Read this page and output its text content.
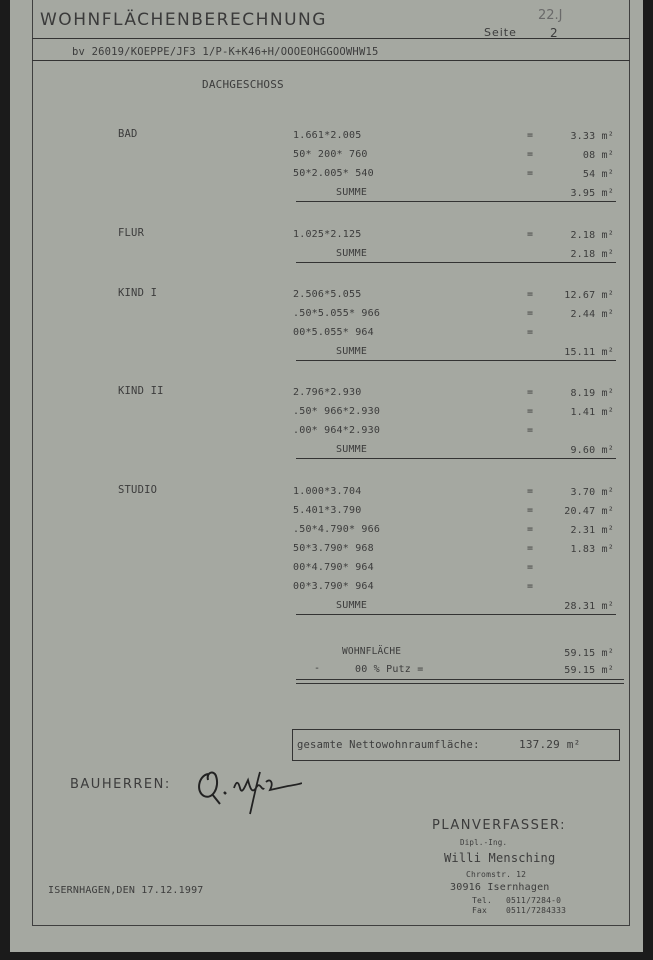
WOHNFLÄCHENBERECHNUNG
Seite	2
22.J
bv 26019/KOEPPE/JF3 1/P-K+K46+H/OOOEOHGGOOWHW15
DACHGESCHOSS
BAD	1.661*2.005	=	3.33 m²
50* 200* 760	=	08 m²
50*2.005* 540	=	54 m²
SUMME	3.95 m²
FLUR	1.025*2.125	=	2.18 m²
SUMME	2.18 m²
KIND I	2.506*5.055	=	12.67 m²
.50*5.055* 966	=	2.44 m²
00*5.055* 964	=
SUMME	15.11 m²
KIND II	2.796*2.930	=	8.19 m²
.50* 966*2.930	=	1.41 m²
.00* 964*2.930	=
SUMME	9.60 m²
STUDIO	1.000*3.704	=	3.70 m²
5.401*3.790	=	20.47 m²
.50*4.790* 966	=	2.31 m²
50*3.790* 968	=	1.83 m²
00*4.790* 964	=
00*3.790* 964	=
SUMME	28.31 m²
WOHNFLÄCHE	59.15 m²
-	00 % Putz =	59.15 m²
gesamte Nettowohnraumfläche:	137.29 m²
BAUHERREN:
PLANVERFASSER:
Dipl.-Ing.
Willi Mensching
Chromstr. 12
30916 Isernhagen
Tel. 0511/7284-0
Fax 0511/7284333
ISERNHAGEN,DEN 17.12.1997
